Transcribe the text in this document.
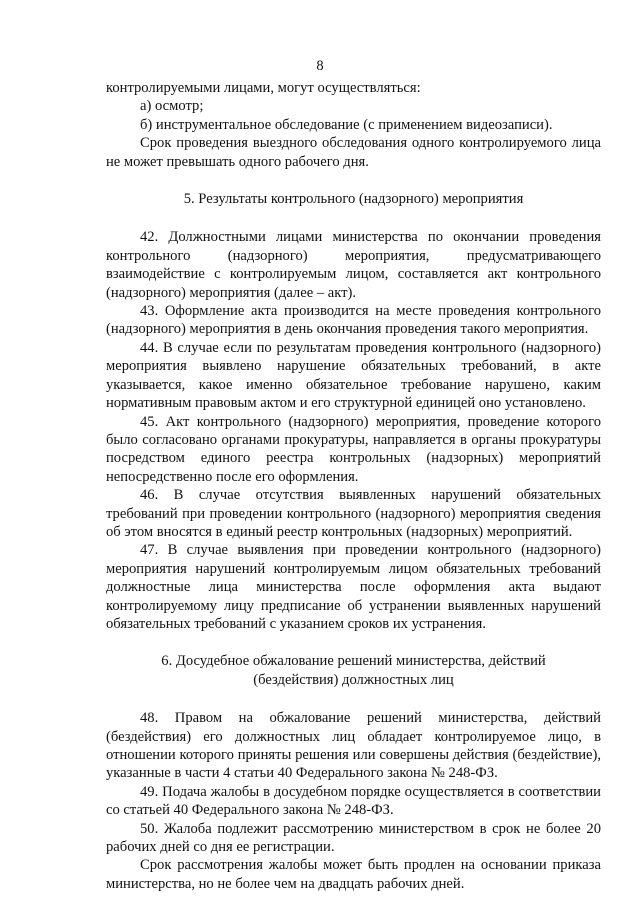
8

контролируемыми лицами, могут осуществляться:

а) осмотр;

б) инструментальное обследование (с применением видеозаписи).

Срок проведения выездного обследования одного контролируемого лица не может превышать одного рабочего дня.

5. Результаты контрольного (надзорного) мероприятия

42. Должностными лицами министерства по окончании проведения контрольного (надзорного) мероприятия, предусматривающего взаимодействие с контролируемым лицом, составляется акт контрольного (надзорного) мероприятия (далее – акт).

43. Оформление акта производится на месте проведения контрольного (надзорного) мероприятия в день окончания проведения такого мероприятия.

44. В случае если по результатам проведения контрольного (надзорного) мероприятия выявлено нарушение обязательных требований, в акте указывается, какое именно обязательное требование нарушено, каким нормативным правовым актом и его структурной единицей оно установлено.

45. Акт контрольного (надзорного) мероприятия, проведение которого было согласовано органами прокуратуры, направляется в органы прокуратуры посредством единого реестра контрольных (надзорных) мероприятий непосредственно после его оформления.

46. В случае отсутствия выявленных нарушений обязательных требований при проведении контрольного (надзорного) мероприятия сведения об этом вносятся в единый реестр контрольных (надзорных) мероприятий.

47. В случае выявления при проведении контрольного (надзорного) мероприятия нарушений контролируемым лицом обязательных требований должностные лица министерства после оформления акта выдают контролируемому лицу предписание об устранении выявленных нарушений обязательных требований с указанием сроков их устранения.

6. Досудебное обжалование решений министерства, действий
(бездействия) должностных лиц

48. Правом на обжалование решений министерства, действий (бездействия) его должностных лиц обладает контролируемое лицо, в отношении которого приняты решения или совершены действия (бездействие), указанные в части 4 статьи 40 Федерального закона № 248-ФЗ.

49. Подача жалобы в досудебном порядке осуществляется в соответствии со статьей 40 Федерального закона № 248-ФЗ.

50. Жалоба подлежит рассмотрению министерством в срок не более 20 рабочих дней со дня ее регистрации.

Срок рассмотрения жалобы может быть продлен на основании приказа министерства, но не более чем на двадцать рабочих дней.
